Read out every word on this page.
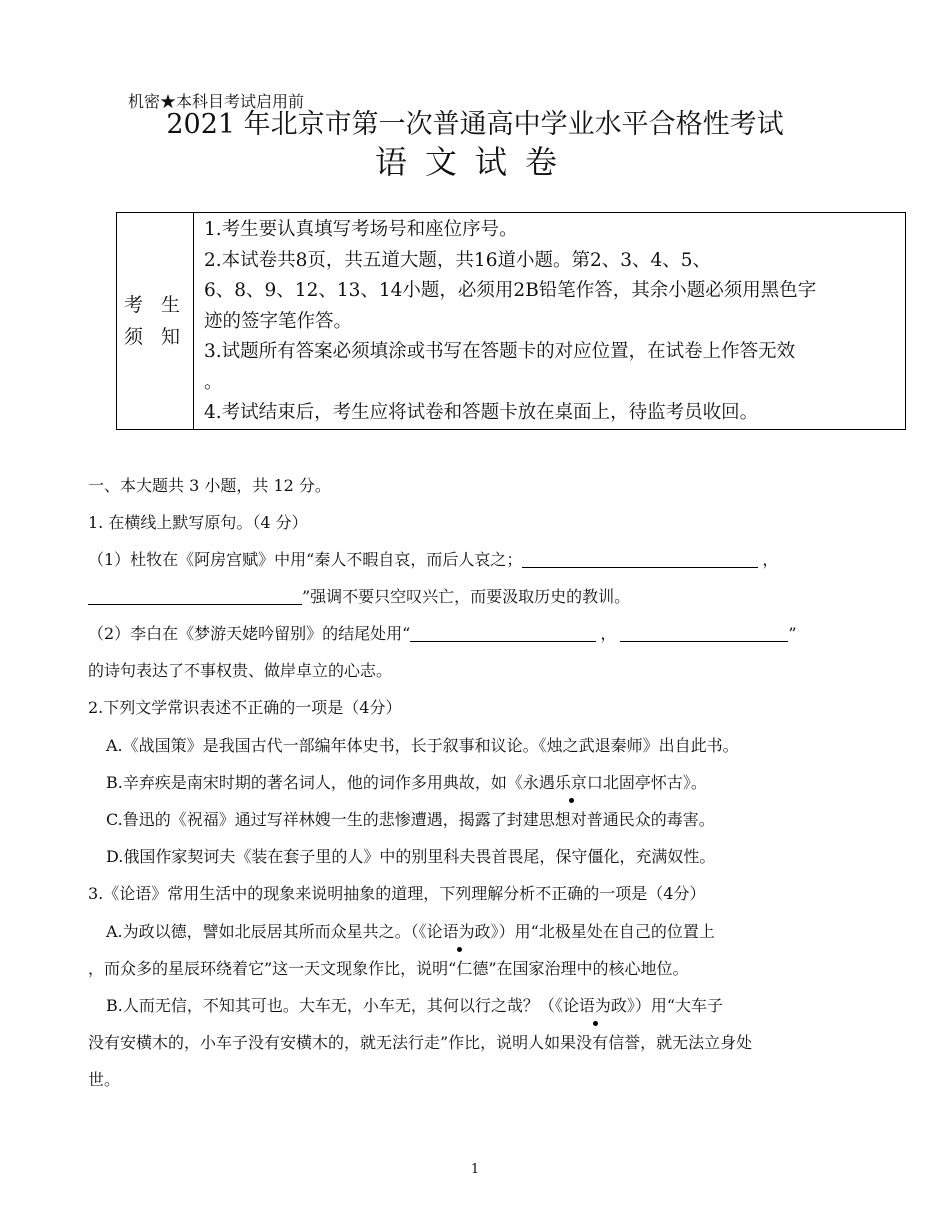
机密★本科目考试启用前
2021 年北京市第一次普通高中学业水平合格性考试
语文试卷
考 生
须 知
1.考生要认真填写考场号和座位序号。
2.本试卷共8页，共五道大题，共16道小题。第2、3、4、5、
6、8、9、12、13、14小题，必须用2B铅笔作答，其余小题必须用黑色字
迹的签字笔作答。
3.试题所有答案必须填涂或书写在答题卡的对应位置，在试卷上作答无效
。
4.考试结束后，考生应将试卷和答题卡放在桌面上，待监考员收回。
一、本大题共 3 小题，共 12 分。
1. 在横线上默写原句。（4 分）
（1）杜牧在《阿房宫赋》中用“秦人不暇自哀，而后人哀之；	，
”强调不要只空叹兴亡，而要汲取历史的教训。
（2）李白在《梦游天姥吟留别》的结尾处用“	，	”
的诗句表达了不事权贵、做岸卓立的心志。
2.下列文学常识表述不正确的一项是（4分）
A.《战国策》是我国古代一部编年体史书，长于叙事和议论。《烛之武退秦师》出自此书。
B.辛弃疾是南宋时期的著名词人，他的词作多用典故，如《永遇乐京口北固亭怀古》。
C.鲁迅的《祝福》通过写祥林嫂一生的悲惨遭遇，揭露了封建思想对普通民众的毒害。
D.俄国作家契诃夫《装在套子里的人》中的别里科夫畏首畏尾，保守僵化，充满奴性。
3.《论语》常用生活中的现象来说明抽象的道理，下列理解分析不正确的一项是（4分）
A.为政以德，譬如北辰居其所而众星共之。（《论语为政》）用“北极星处在自己的位置上
，而众多的星辰环绕着它”这一天文现象作比，说明“仁德”在国家治理中的核心地位。
B.人而无信，不知其可也。大车无，小车无，其何以行之哉？（《论语为政》）用“大车子
没有安横木的，小车子没有安横木的，就无法行走”作比，说明人如果没有信誉，就无法立身处
世。
1
